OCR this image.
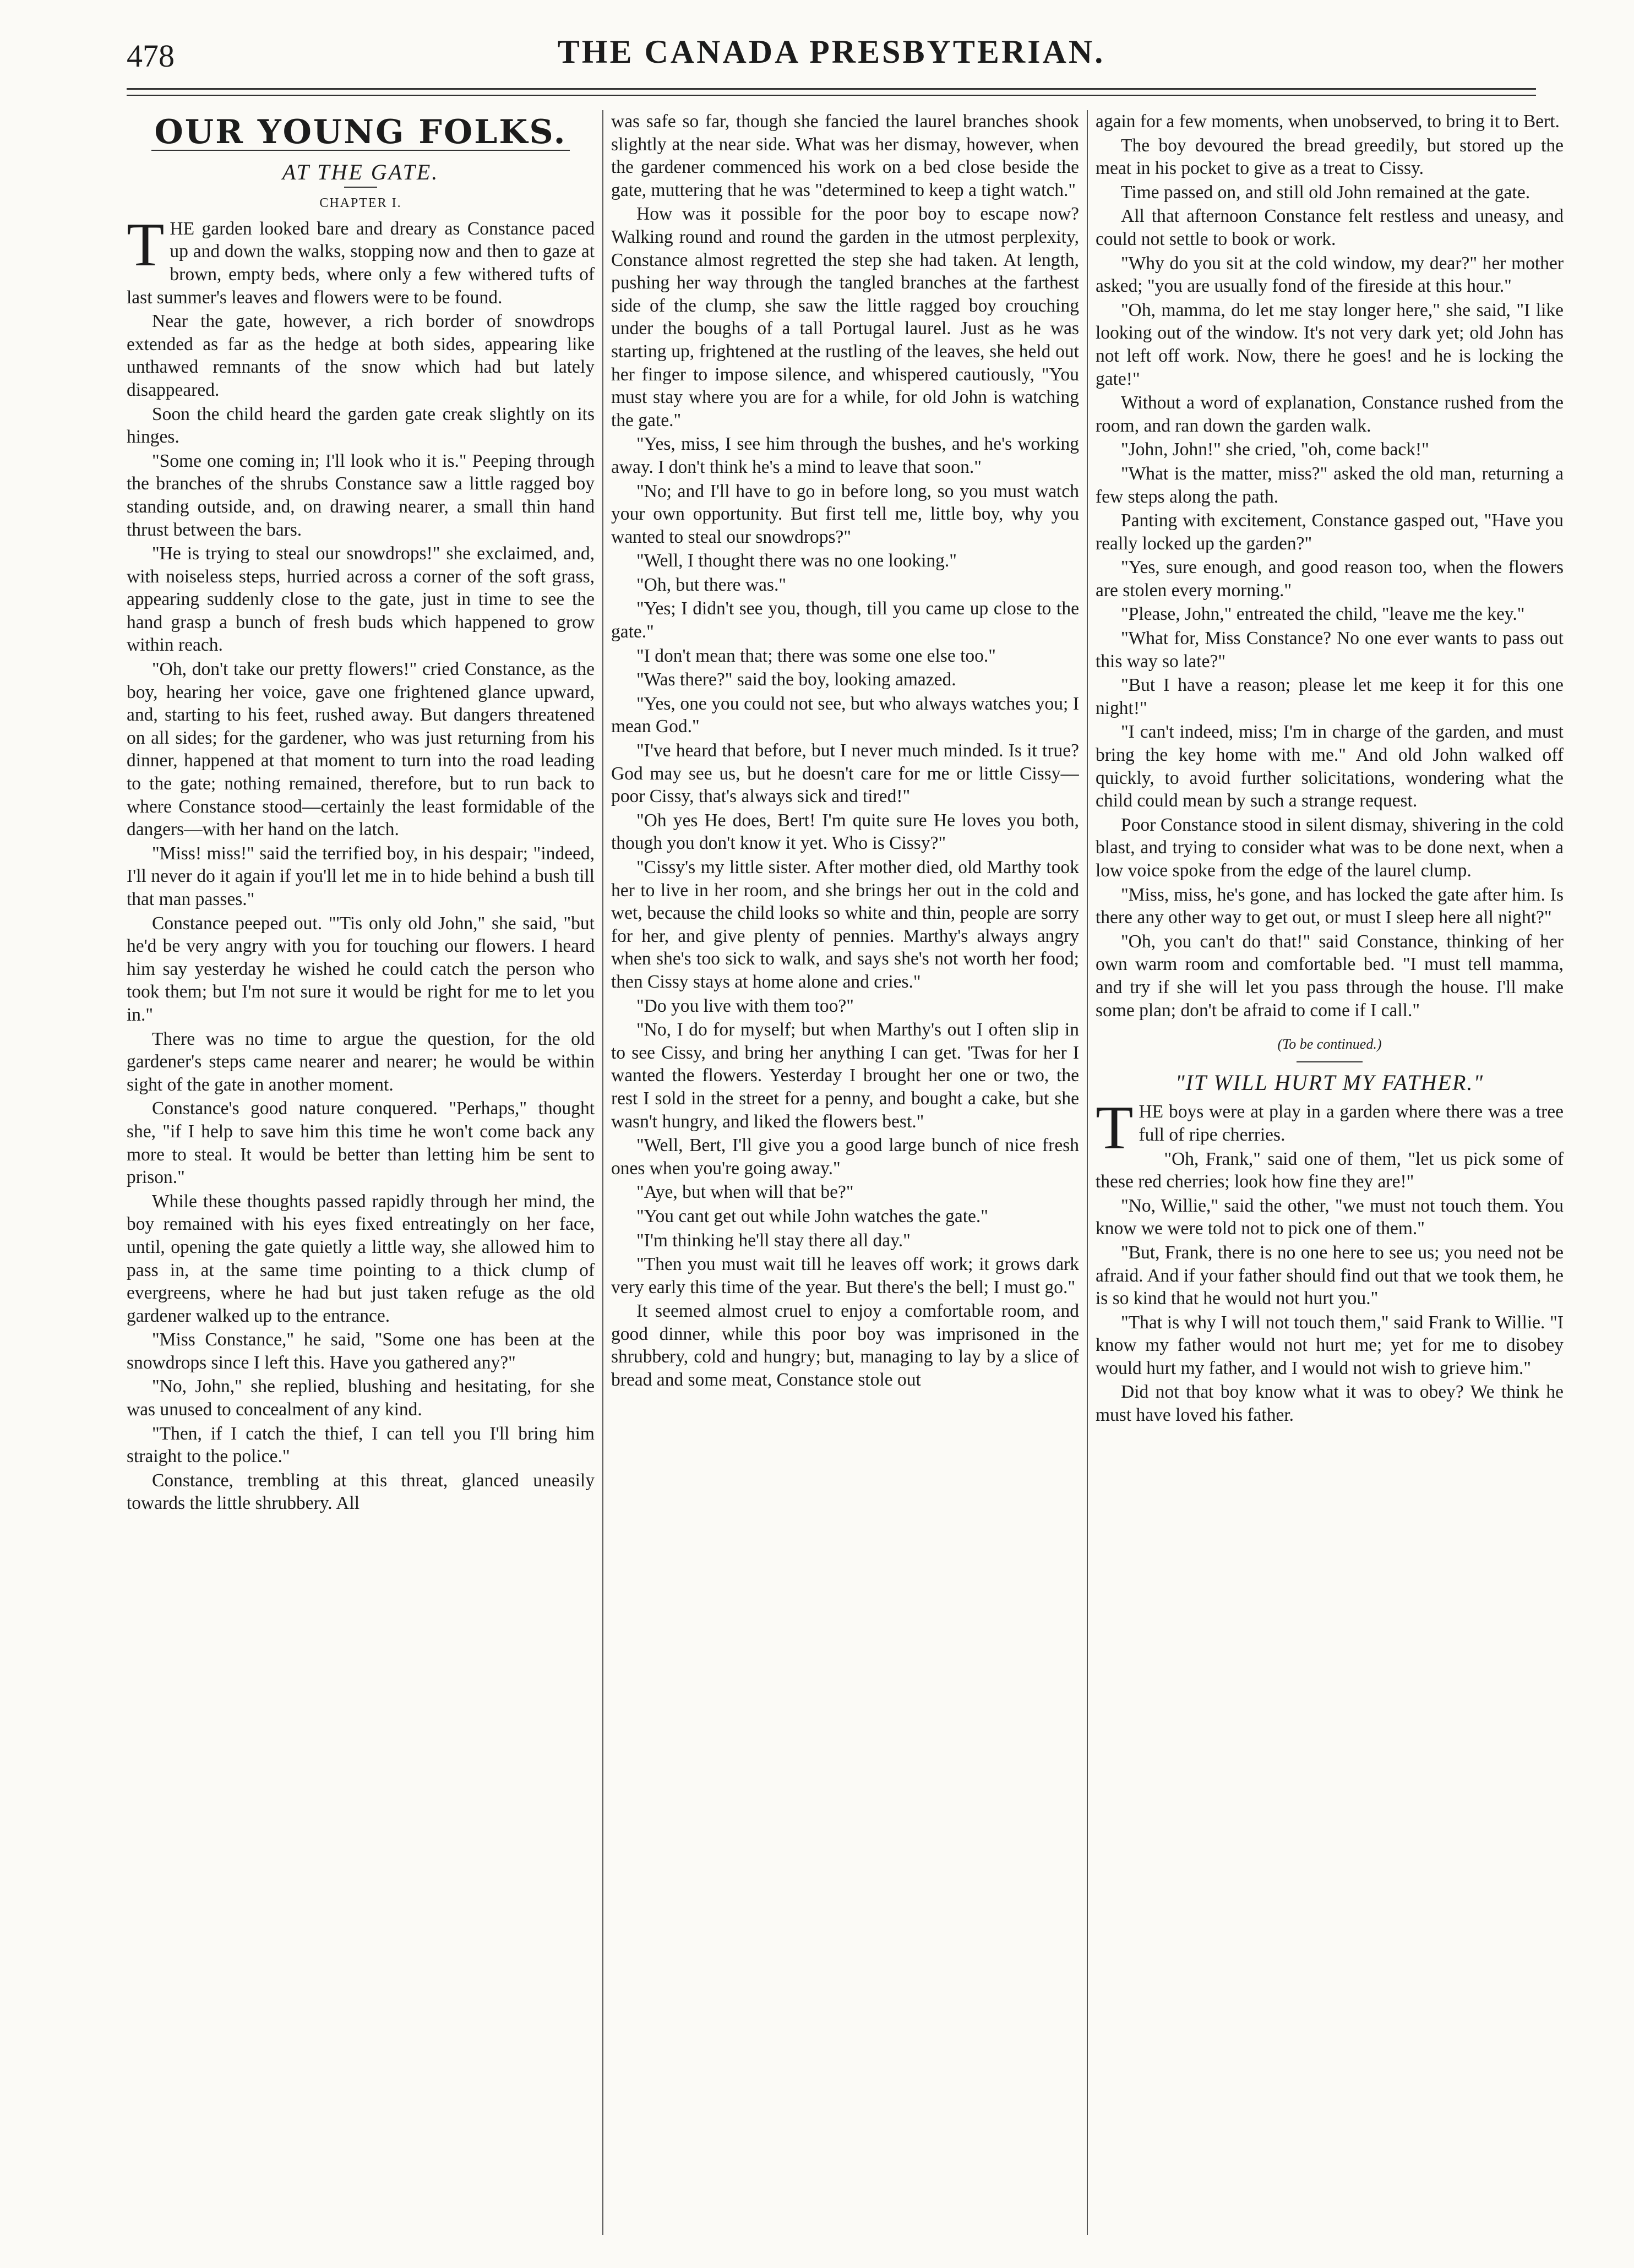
478	THE CANADA PRESBYTERIAN.
OUR YOUNG FOLKS.
AT THE GATE.
CHAPTER I.

THE garden looked bare and dreary as Constance paced up and down the walks, stopping now and then to gaze at brown, empty beds, where only a few withered tufts of last summer's leaves and flowers were to be found.

Near the gate, however, a rich border of snowdrops extended as far as the hedge at both sides, appearing like unthawed remnants of the snow which had but lately disappeared.

Soon the child heard the garden gate creak slightly on its hinges.

"Some one coming in; I'll look who it is." Peeping through the branches of the shrubs Constance saw a little ragged boy standing outside, and, on drawing nearer, a small thin hand thrust between the bars.

"He is trying to steal our snowdrops!" she exclaimed, and, with noiseless steps, hurried across a corner of the soft grass, appearing suddenly close to the gate, just in time to see the hand grasp a bunch of fresh buds which happened to grow within reach.

"Oh, don't take our pretty flowers!" cried Constance, as the boy, hearing her voice, gave one frightened glance upward, and, starting to his feet, rushed away. But dangers threatened on all sides; for the gardener, who was just returning from his dinner, happened at that moment to turn into the road leading to the gate; nothing remained, therefore, but to run back to where Constance stood—certainly the least formidable of the dangers—with her hand on the latch.

"Miss! miss!" said the terrified boy, in his despair; "indeed, I'll never do it again if you'll let me in to hide behind a bush till that man passes."

Constance peeped out. "'Tis only old John," she said, "but he'd be very angry with you for touching our flowers. I heard him say yesterday he wished he could catch the person who took them; but I'm not sure it would be right for me to let you in."

There was no time to argue the question, for the old gardener's steps came nearer and nearer; he would be within sight of the gate in another moment.

Constance's good nature conquered. "Perhaps," thought she, "if I help to save him this time he won't come back any more to steal. It would be better than letting him be sent to prison."

While these thoughts passed rapidly through her mind, the boy remained with his eyes fixed entreatingly on her face, until, opening the gate quietly a little way, she allowed him to pass in, at the same time pointing to a thick clump of evergreens, where he had but just taken refuge as the old gardener walked up to the entrance.

"Miss Constance," he said, "Some one has been at the snowdrops since I left this. Have you gathered any?"

"No, John," she replied, blushing and hesitating, for she was unused to concealment of any kind.

"Then, if I catch the thief, I can tell you I'll bring him straight to the police."

Constance, trembling at this threat, glanced uneasily towards the little shrubbery. All

was safe so far, though she fancied the laurel branches shook slightly at the near side. What was her dismay, however, when the gardener commenced his work on a bed close beside the gate, muttering that he was "determined to keep a tight watch."

How was it possible for the poor boy to escape now? Walking round and round the garden in the utmost perplexity, Constance almost regretted the step she had taken. At length, pushing her way through the tangled branches at the farthest side of the clump, she saw the little ragged boy crouching under the boughs of a tall Portugal laurel. Just as he was starting up, frightened at the rustling of the leaves, she held out her finger to impose silence, and whispered cautiously, "You must stay where you are for a while, for old John is watching the gate."

"Yes, miss, I see him through the bushes, and he's working away. I don't think he's a mind to leave that soon."

"No; and I'll have to go in before long, so you must watch your own opportunity. But first tell me, little boy, why you wanted to steal our snowdrops?"

"Well, I thought there was no one looking."

"Oh, but there was."

"Yes; I didn't see you, though, till you came up close to the gate."

"I don't mean that; there was some one else too."

"Was there?" said the boy, looking amazed.

"Yes, one you could not see, but who always watches you; I mean God."

"I've heard that before, but I never much minded. Is it true? God may see us, but he doesn't care for me or little Cissy—poor Cissy, that's always sick and tired!"

"Oh yes He does, Bert! I'm quite sure He loves you both, though you don't know it yet. Who is Cissy?"

"Cissy's my little sister. After mother died, old Marthy took her to live in her room, and she brings her out in the cold and wet, because the child looks so white and thin, people are sorry for her, and give plenty of pennies. Marthy's always angry when she's too sick to walk, and says she's not worth her food; then Cissy stays at home alone and cries."

"Do you live with them too?"

"No, I do for myself; but when Marthy's out I often slip in to see Cissy, and bring her anything I can get. 'Twas for her I wanted the flowers. Yesterday I brought her one or two, the rest I sold in the street for a penny, and bought a cake, but she wasn't hungry, and liked the flowers best."

"Well, Bert, I'll give you a good large bunch of nice fresh ones when you're going away."

"Aye, but when will that be?"

"You cant get out while John watches the gate."

"I'm thinking he'll stay there all day."

"Then you must wait till he leaves off work; it grows dark very early this time of the year. But there's the bell; I must go."

It seemed almost cruel to enjoy a comfortable room, and good dinner, while this poor boy was imprisoned in the shrubbery, cold and hungry; but, managing to lay by a slice of bread and some meat, Constance stole out

again for a few moments, when unobserved, to bring it to Bert.

The boy devoured the bread greedily, but stored up the meat in his pocket to give as a treat to Cissy.

Time passed on, and still old John remained at the gate.

All that afternoon Constance felt restless and uneasy, and could not settle to book or work.

"Why do you sit at the cold window, my dear?" her mother asked; "you are usually fond of the fireside at this hour."

"Oh, mamma, do let me stay longer here," she said, "I like looking out of the window. It's not very dark yet; old John has not left off work. Now, there he goes! and he is locking the gate!"

Without a word of explanation, Constance rushed from the room, and ran down the garden walk.

"John, John!" she cried, "oh, come back!"

"What is the matter, miss?" asked the old man, returning a few steps along the path.

Panting with excitement, Constance gasped out, "Have you really locked up the garden?"

"Yes, sure enough, and good reason too, when the flowers are stolen every morning."

"Please, John," entreated the child, "leave me the key."

"What for, Miss Constance? No one ever wants to pass out this way so late?"

"But I have a reason; please let me keep it for this one night!"

"I can't indeed, miss; I'm in charge of the garden, and must bring the key home with me." And old John walked off quickly, to avoid further solicitations, wondering what the child could mean by such a strange request.

Poor Constance stood in silent dismay, shivering in the cold blast, and trying to consider what was to be done next, when a low voice spoke from the edge of the laurel clump.

"Miss, miss, he's gone, and has locked the gate after him. Is there any other way to get out, or must I sleep here all night?"

"Oh, you can't do that!" said Constance, thinking of her own warm room and comfortable bed. "I must tell mamma, and try if she will let you pass through the house. I'll make some plan; don't be afraid to come if I call."

(To be continued.)
"IT WILL HURT MY FATHER."

THE boys were at play in a garden where there was a tree full of ripe cherries.

"Oh, Frank," said one of them, "let us pick some of these red cherries; look how fine they are!"

"No, Willie," said the other, "we must not touch them. You know we were told not to pick one of them."

"But, Frank, there is no one here to see us; you need not be afraid. And if your father should find out that we took them, he is so kind that he would not hurt you."

"That is why I will not touch them," said Frank to Willie. "I know my father would not hurt me; yet for me to disobey would hurt my father, and I would not wish to grieve him."

Did not that boy know what it was to obey? We think he must have loved his father.
